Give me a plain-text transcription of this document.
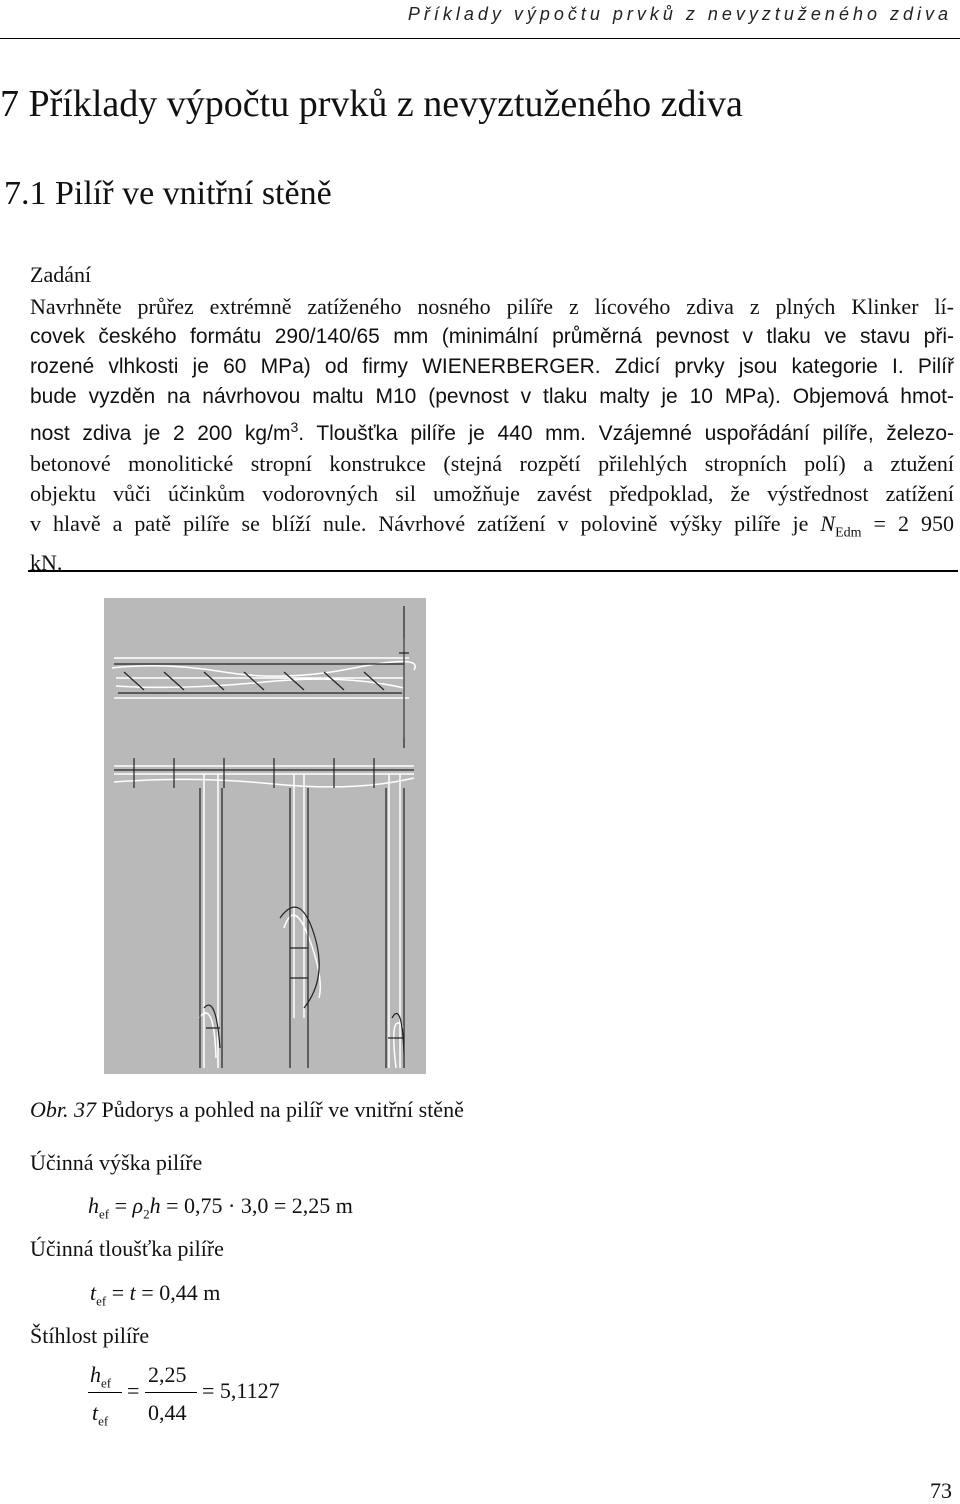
Příklady výpočtu prvků z nevyztuženého zdiva
7 Příklady výpočtu prvků z nevyztuženého zdiva
7.1 Pilíř ve vnitřní stěně
Zadání

Navrhněte průřez extrémně zatíženého nosného pilíře z lícového zdiva z plných Klinker lí-
covek českého formátu 290/140/65 mm (minimální průměrná pevnost v tlaku ve stavu při-
rozené vlhkosti je 60 MPa) od firmy WIENERBERGER. Zdicí prvky jsou kategorie I. Pilíř
bude vyzděn na návrhovou maltu M10 (pevnost v tlaku malty je 10 MPa). Objemová hmot-
nost zdiva je 2 200 $kg/m^3$. Tloušťka pilíře je 440 mm. Vzájemné uspořádání pilíře, železo-
betonové monolitické stropní konstrukce (stejná rozpětí přilehlých stropních polí) a ztužení
objektu vůči účinkům vodorovných sil umožňuje zavést předpoklad, že výstřednost zatížení
v hlavě a patě pilíře se blíží nule. Návrhové zatížení v polovině výšky pilíře je $N_{Edm} = 2$ 950
kN.

Obr. 37 Půdorys a pohled na pilíř ve vnitřní stěně
Účinná výška pilíře
$h_{ef} = \rho_2h = 0,75 \cdot 3,0 = 2,25$ m
Účinná tloušťka pilíře
$t_{ef} = t = 0,44$ m
Štíhlost pilíře
$h_{ef}$
$t_{ef}$
=
2,25
0,44
= 5,1127
73
